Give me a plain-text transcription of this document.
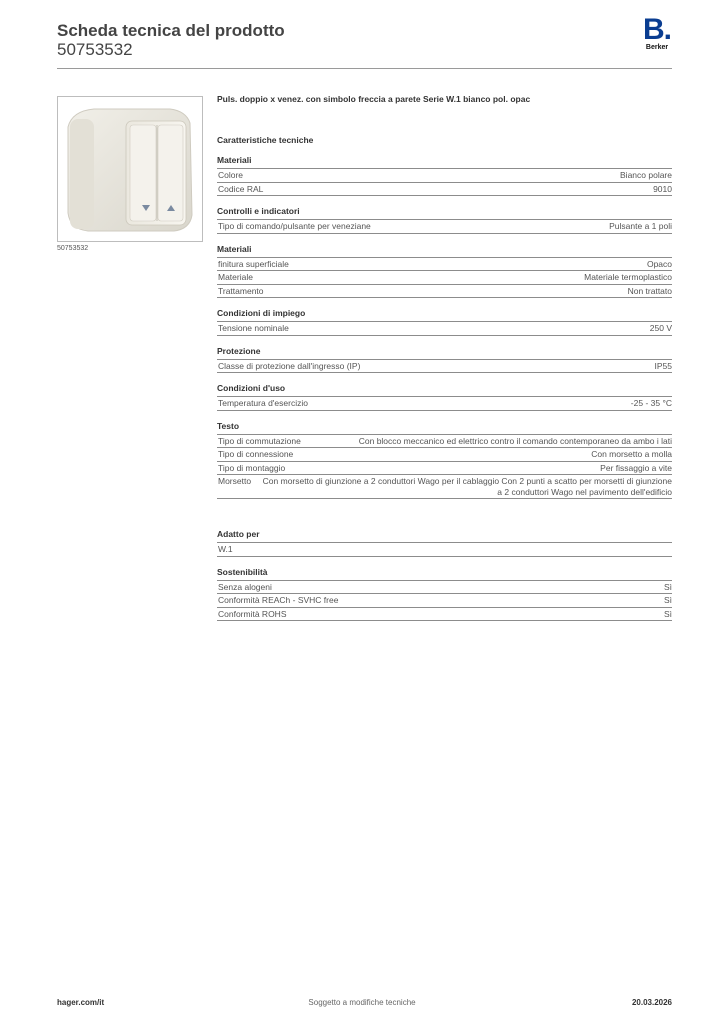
Scheda tecnica del prodotto
50753532
B.
Berker
50753532
Puls. doppio x venez. con simbolo freccia a parete Serie W.1 bianco pol. opac
Caratteristiche tecniche
Materiali
Colore	Bianco polare
Codice RAL	9010
Controlli e indicatori
Tipo di comando/pulsante per veneziane	Pulsante a 1 poli
Materiali
finitura superficiale	Opaco
Materiale	Materiale termoplastico
Trattamento	Non trattato
Condizioni di impiego
Tensione nominale	250 V
Protezione
Classe di protezione dall'ingresso (IP)	IP55
Condizioni d'uso
Temperatura d'esercizio	-25 - 35 °C
Testo
Tipo di commutazione	Con blocco meccanico ed elettrico contro il comando contemporaneo da ambo i lati
Tipo di connessione	Con morsetto a molla
Tipo di montaggio	Per fissaggio a vite
Morsetto	Con morsetto di giunzione a 2 conduttori Wago per il cablaggio Con 2 punti a scatto per morsetti di giunzione a 2 conduttori Wago nel pavimento dell'edificio
Adatto per
W.1
Sostenibilità
Senza alogeni	Sì
Conformità REACh - SVHC free	Sì
Conformità ROHS	Sì
hager.com/it	Soggetto a modifiche tecniche	20.03.2026
